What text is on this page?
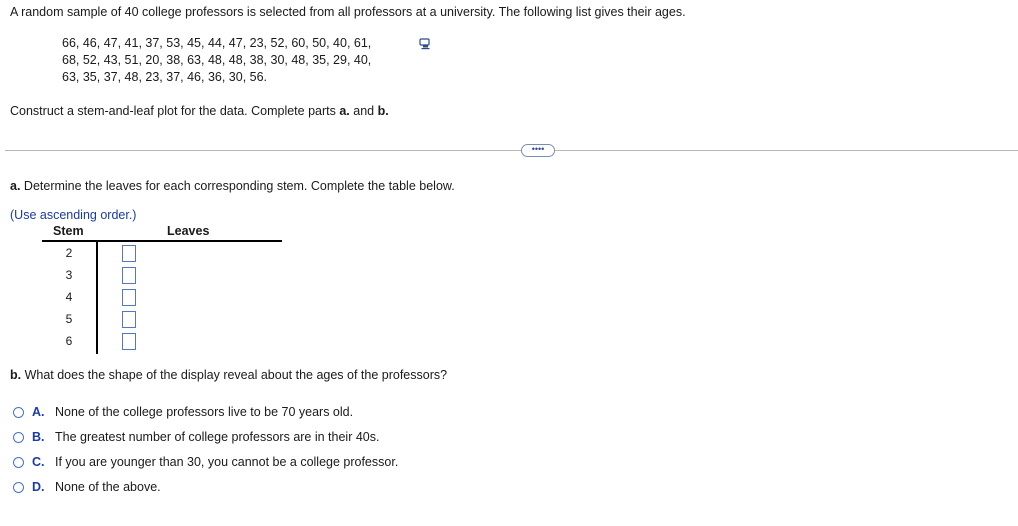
A random sample of 40 college professors is selected from all professors at a university. The following list gives their ages.
66, 46, 47, 41, 37, 53, 45, 44, 47, 23, 52, 60, 50, 40, 61,
68, 52, 43, 51, 20, 38, 63, 48, 48, 38, 30, 48, 35, 29, 40,
63, 35, 37, 48, 23, 37, 46, 36, 30, 56.
Construct a stem-and-leaf plot for the data. Complete parts a. and b.
••••
a. Determine the leaves for each corresponding stem. Complete the table below.
(Use ascending order.)
Stem	Leaves
2
3
4
5
6
b. What does the shape of the display reveal about the ages of the professors?
A. None of the college professors live to be 70 years old.
B. The greatest number of college professors are in their 40s.
C. If you are younger than 30, you cannot be a college professor.
D. None of the above.
